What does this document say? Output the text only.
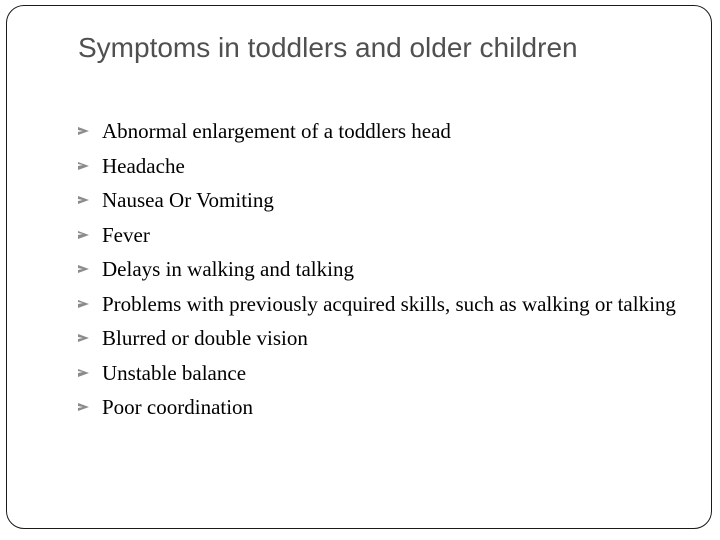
Symptoms in toddlers and older children
Abnormal enlargement of a toddlers head
Headache
Nausea Or Vomiting
Fever
Delays in walking and talking
Problems with previously acquired skills, such as walking or talking
Blurred or double vision
Unstable balance
Poor coordination
